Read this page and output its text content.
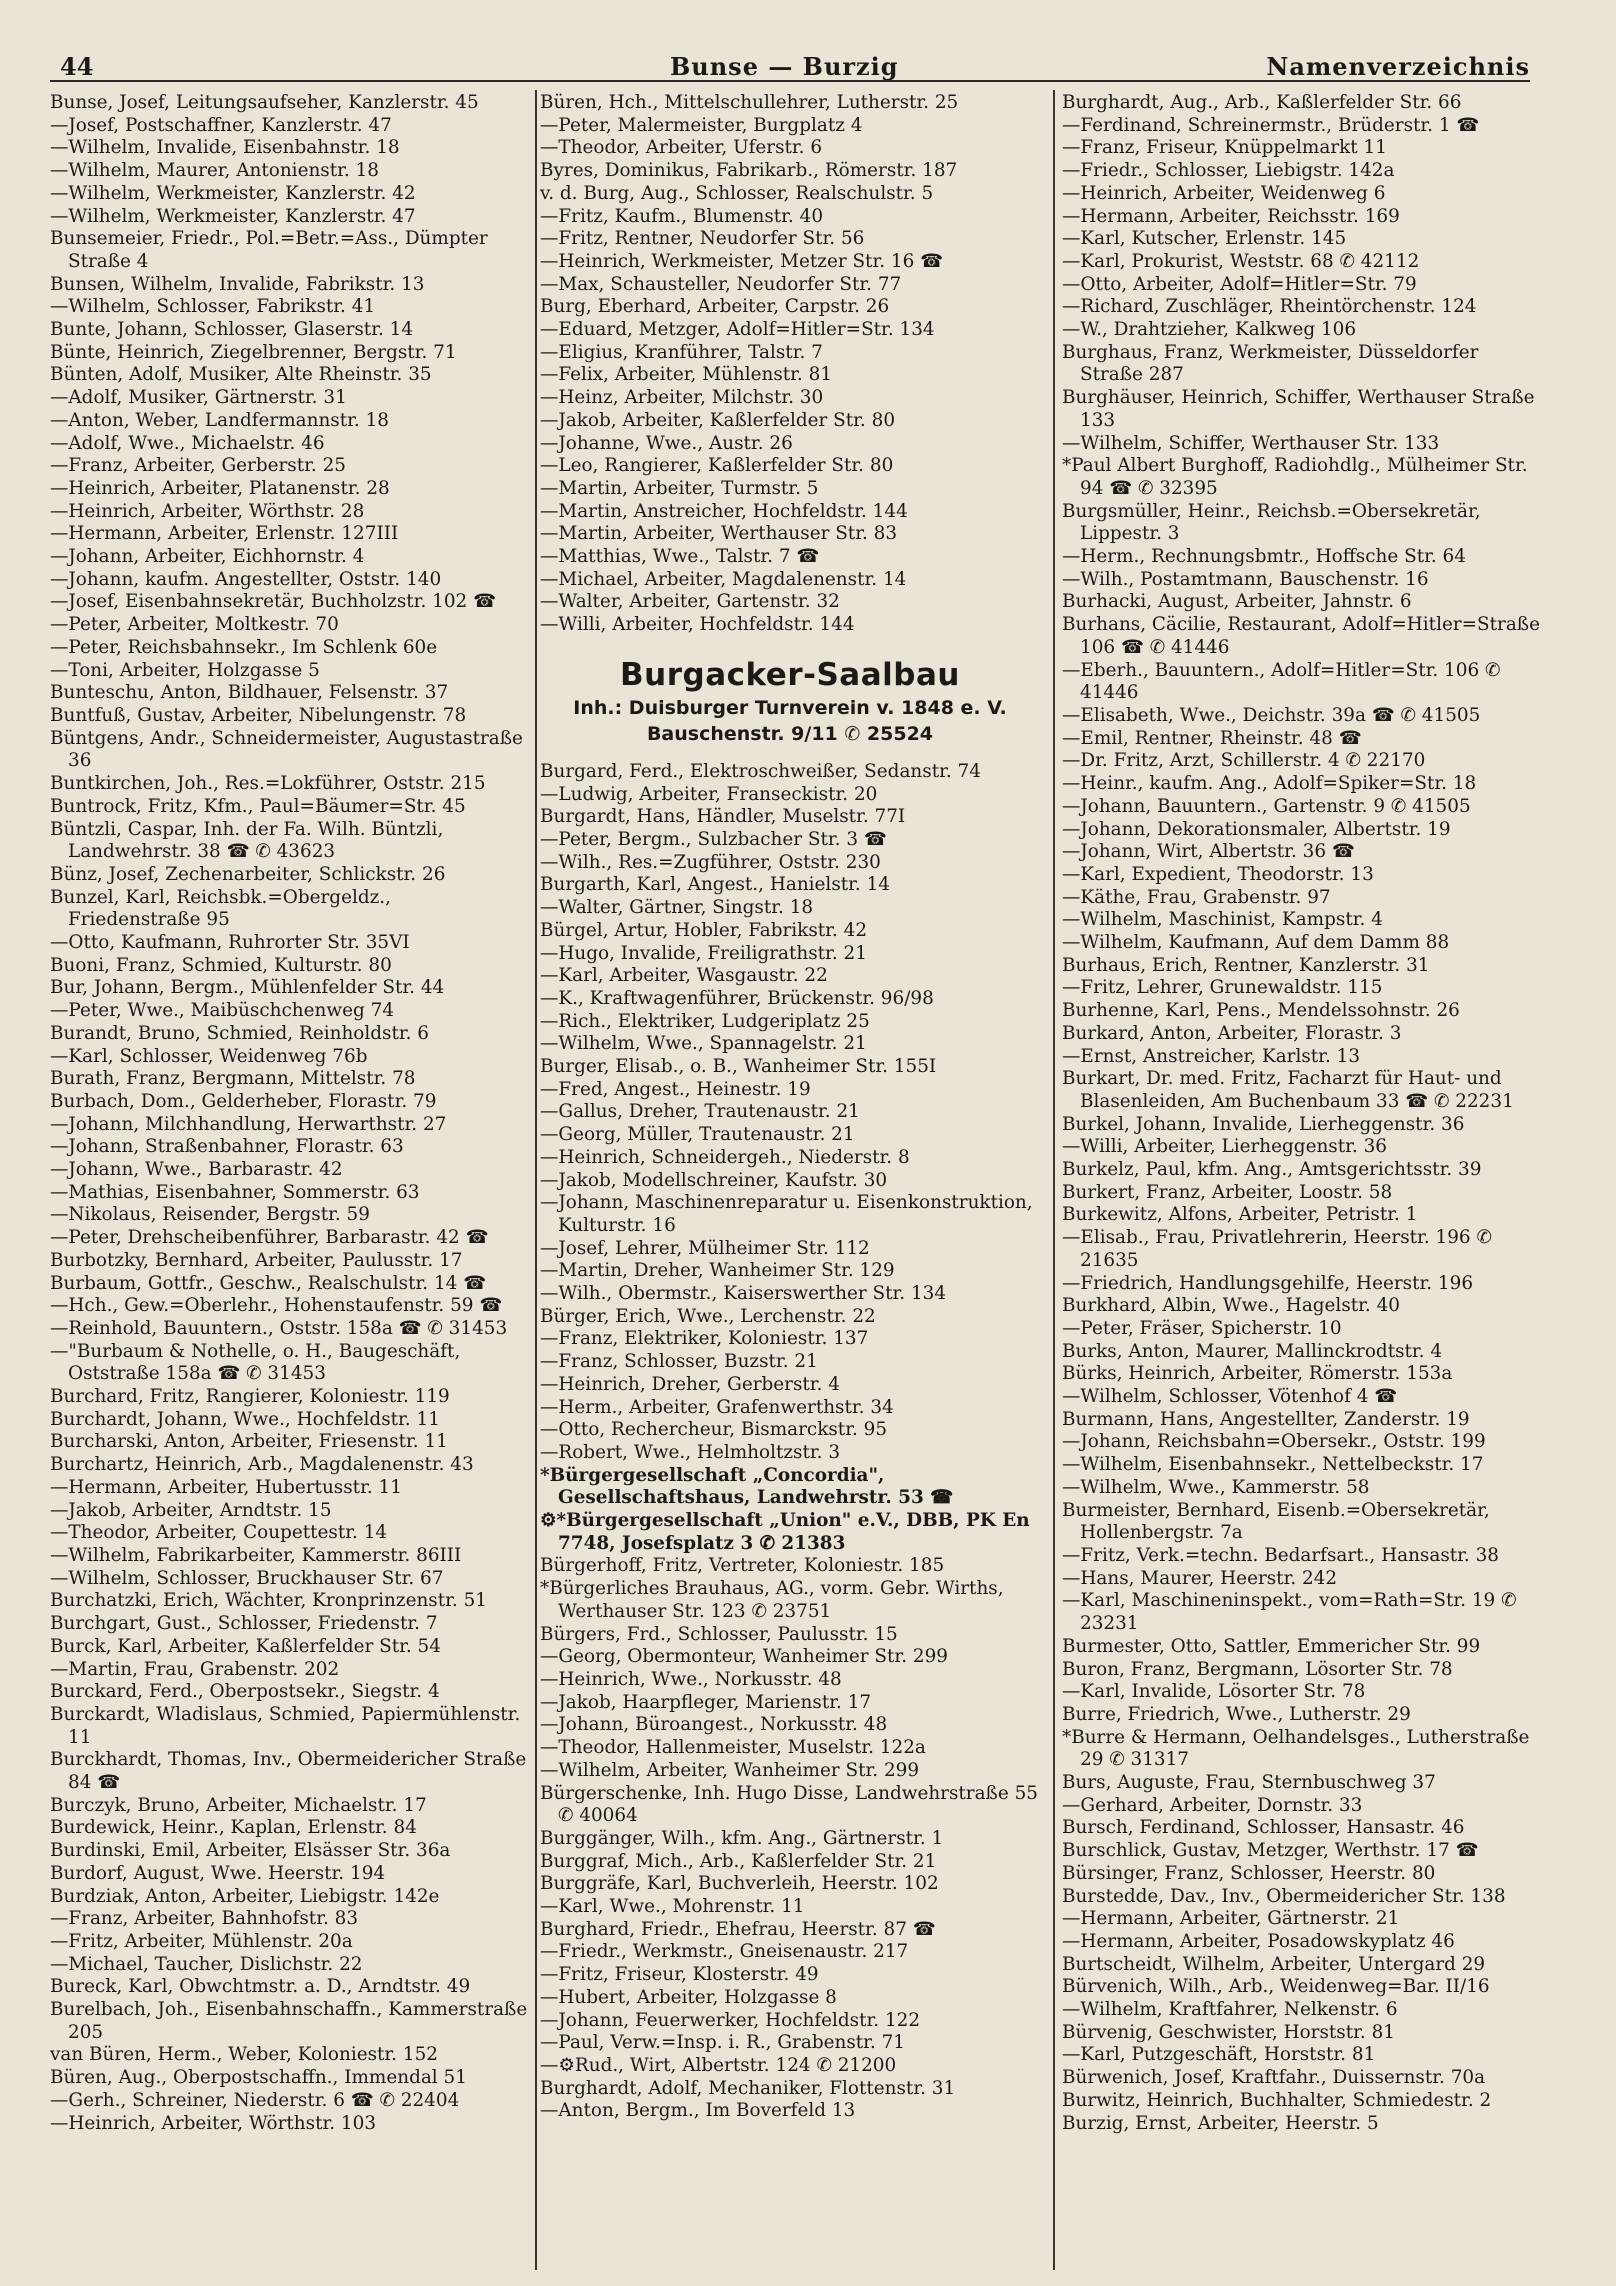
44	Bunse — Burzig	Namenverzeichnis
Bunse, Josef, Leitungsaufseher, Kanzlerstr. 45
—Josef, Postschaffner, Kanzlerstr. 47
—Wilhelm, Invalide, Eisenbahnstr. 18
—Wilhelm, Maurer, Antonienstr. 18
—Wilhelm, Werkmeister, Kanzlerstr. 42
—Wilhelm, Werkmeister, Kanzlerstr. 47
Bunsemeier, Friedr., Pol.=Betr.=Ass., Dümpter Straße 4
Bunsen, Wilhelm, Invalide, Fabrikstr. 13
—Wilhelm, Schlosser, Fabrikstr. 41
Bunte, Johann, Schlosser, Glaserstr. 14
Bünte, Heinrich, Ziegelbrenner, Bergstr. 71
Bünten, Adolf, Musiker, Alte Rheinstr. 35
—Adolf, Musiker, Gärtnerstr. 31
—Anton, Weber, Landfermannstr. 18
—Adolf, Wwe., Michaelstr. 46
—Franz, Arbeiter, Gerberstr. 25
—Heinrich, Arbeiter, Platanenstr. 28
—Heinrich, Arbeiter, Wörthstr. 28
—Hermann, Arbeiter, Erlenstr. 127III
—Johann, Arbeiter, Eichhornstr. 4
—Johann, kaufm. Angestellter, Oststr. 140
—Josef, Eisenbahnsekretär, Buchholzstr. 102 ☎
—Peter, Arbeiter, Moltkestr. 70
—Peter, Reichsbahnsekr., Im Schlenk 60e
—Toni, Arbeiter, Holzgasse 5
Bunteschu, Anton, Bildhauer, Felsenstr. 37
Buntfuß, Gustav, Arbeiter, Nibelungenstr. 78
Büntgens, Andr., Schneidermeister, Augustastraße 36
Buntkirchen, Joh., Res.=Lokführer, Oststr. 215
Buntrock, Fritz, Kfm., Paul=Bäumer=Str. 45
Büntzli, Caspar, Inh. der Fa. Wilh. Büntzli, Landwehrstr. 38 ☎ ✆ 43623
Bünz, Josef, Zechenarbeiter, Schlickstr. 26
Bunzel, Karl, Reichsbk.=Obergeldz., Friedenstraße 95
—Otto, Kaufmann, Ruhrorter Str. 35VI
Buoni, Franz, Schmied, Kulturstr. 80
Bur, Johann, Bergm., Mühlenfelder Str. 44
—Peter, Wwe., Maibüschchenweg 74
Burandt, Bruno, Schmied, Reinholdstr. 6
—Karl, Schlosser, Weidenweg 76b
Burath, Franz, Bergmann, Mittelstr. 78
Burbach, Dom., Gelderheber, Florastr. 79
—Johann, Milchhandlung, Herwarthstr. 27
—Johann, Straßenbahner, Florastr. 63
—Johann, Wwe., Barbarastr. 42
—Mathias, Eisenbahner, Sommerstr. 63
—Nikolaus, Reisender, Bergstr. 59
—Peter, Drehscheibenführer, Barbarastr. 42 ☎
Burbotzky, Bernhard, Arbeiter, Paulusstr. 17
Burbaum, Gottfr., Geschw., Realschulstr. 14 ☎
—Hch., Gew.=Oberlehr., Hohenstaufenstr. 59 ☎
—Reinhold, Bauuntern., Oststr. 158a ☎ ✆ 31453
—"Burbaum & Nothelle, o. H., Baugeschäft, Oststraße 158a ☎ ✆ 31453
Burchard, Fritz, Rangierer, Koloniestr. 119
Burchardt, Johann, Wwe., Hochfeldstr. 11
Burcharski, Anton, Arbeiter, Friesenstr. 11
Burchartz, Heinrich, Arb., Magdalenenstr. 43
—Hermann, Arbeiter, Hubertusstr. 11
—Jakob, Arbeiter, Arndtstr. 15
—Theodor, Arbeiter, Coupettestr. 14
—Wilhelm, Fabrikarbeiter, Kammerstr. 86III
—Wilhelm, Schlosser, Bruckhauser Str. 67
Burchatzki, Erich, Wächter, Kronprinzenstr. 51
Burchgart, Gust., Schlosser, Friedenstr. 7
Burck, Karl, Arbeiter, Kaßlerfelder Str. 54
—Martin, Frau, Grabenstr. 202
Burckard, Ferd., Oberpostsekr., Siegstr. 4
Burckardt, Wladislaus, Schmied, Papiermühlenstr. 11
Burckhardt, Thomas, Inv., Obermeidericher Straße 84 ☎
Burczyk, Bruno, Arbeiter, Michaelstr. 17
Burdewick, Heinr., Kaplan, Erlenstr. 84
Burdinski, Emil, Arbeiter, Elsässer Str. 36a
Burdorf, August, Wwe. Heerstr. 194
Burdziak, Anton, Arbeiter, Liebigstr. 142e
—Franz, Arbeiter, Bahnhofstr. 83
—Fritz, Arbeiter, Mühlenstr. 20a
—Michael, Taucher, Dislichstr. 22
Bureck, Karl, Obwchtmstr. a. D., Arndtstr. 49
Burelbach, Joh., Eisenbahnschaffn., Kammerstraße 205
van Büren, Herm., Weber, Koloniestr. 152
Büren, Aug., Oberpostschaffn., Immendal 51
—Gerh., Schreiner, Niederstr. 6 ☎ ✆ 22404
—Heinrich, Arbeiter, Wörthstr. 103
Büren, Hch., Mittelschullehrer, Lutherstr. 25
—Peter, Malermeister, Burgplatz 4
—Theodor, Arbeiter, Uferstr. 6
Byres, Dominikus, Fabrikarb., Römerstr. 187
v. d. Burg, Aug., Schlosser, Realschulstr. 5
—Fritz, Kaufm., Blumenstr. 40
—Fritz, Rentner, Neudorfer Str. 56
—Heinrich, Werkmeister, Metzer Str. 16 ☎
—Max, Schausteller, Neudorfer Str. 77
Burg, Eberhard, Arbeiter, Carpstr. 26
—Eduard, Metzger, Adolf=Hitler=Str. 134
—Eligius, Kranführer, Talstr. 7
—Felix, Arbeiter, Mühlenstr. 81
—Heinz, Arbeiter, Milchstr. 30
—Jakob, Arbeiter, Kaßlerfelder Str. 80
—Johanne, Wwe., Austr. 26
—Leo, Rangierer, Kaßlerfelder Str. 80
—Martin, Arbeiter, Turmstr. 5
—Martin, Anstreicher, Hochfeldstr. 144
—Martin, Arbeiter, Werthauser Str. 83
—Matthias, Wwe., Talstr. 7 ☎
—Michael, Arbeiter, Magdalenenstr. 14
—Walter, Arbeiter, Gartenstr. 32
—Willi, Arbeiter, Hochfeldstr. 144
Burgacker-Saalbau
Inh.: Duisburger Turnverein v. 1848 e. V.
Bauschenstr. 9/11 ✆ 25524
Burgard, Ferd., Elektroschweißer, Sedanstr. 74
—Ludwig, Arbeiter, Franseckistr. 20
Burgardt, Hans, Händler, Muselstr. 77I
—Peter, Bergm., Sulzbacher Str. 3 ☎
—Wilh., Res.=Zugführer, Oststr. 230
Burgarth, Karl, Angest., Hanielstr. 14
—Walter, Gärtner, Singstr. 18
Bürgel, Artur, Hobler, Fabrikstr. 42
—Hugo, Invalide, Freiligrathstr. 21
—Karl, Arbeiter, Wasgaustr. 22
—K., Kraftwagenführer, Brückenstr. 96/98
—Rich., Elektriker, Ludgeriplatz 25
—Wilhelm, Wwe., Spannagelstr. 21
Burger, Elisab., o. B., Wanheimer Str. 155I
—Fred, Angest., Heinestr. 19
—Gallus, Dreher, Trautenaustr. 21
—Georg, Müller, Trautenaustr. 21
—Heinrich, Schneidergeh., Niederstr. 8
—Jakob, Modellschreiner, Kaufstr. 30
—Johann, Maschinenreparatur u. Eisenkonstruktion, Kulturstr. 16
—Josef, Lehrer, Mülheimer Str. 112
—Martin, Dreher, Wanheimer Str. 129
—Wilh., Obermstr., Kaiserswerther Str. 134
Bürger, Erich, Wwe., Lerchenstr. 22
—Franz, Elektriker, Koloniestr. 137
—Franz, Schlosser, Buzstr. 21
—Heinrich, Dreher, Gerberstr. 4
—Herm., Arbeiter, Grafenwerthstr. 34
—Otto, Rechercheur, Bismarckstr. 95
—Robert, Wwe., Helmholtzstr. 3
*Bürgergesellschaft „Concordia", Gesellschaftshaus, Landwehrstr. 53 ☎
⚙*Bürgergesellschaft „Union" e.V., DBB, PK En 7748, Josefsplatz 3 ✆ 21383
Bürgerhoff, Fritz, Vertreter, Koloniestr. 185
*Bürgerliches Brauhaus, AG., vorm. Gebr. Wirths, Werthauser Str. 123 ✆ 23751
Bürgers, Frd., Schlosser, Paulusstr. 15
—Georg, Obermonteur, Wanheimer Str. 299
—Heinrich, Wwe., Norkusstr. 48
—Jakob, Haarpfleger, Marienstr. 17
—Johann, Büroangest., Norkusstr. 48
—Theodor, Hallenmeister, Muselstr. 122a
—Wilhelm, Arbeiter, Wanheimer Str. 299
Bürgerschenke, Inh. Hugo Disse, Landwehrstraße 55 ✆ 40064
Burggänger, Wilh., kfm. Ang., Gärtnerstr. 1
Burggraf, Mich., Arb., Kaßlerfelder Str. 21
Burggräfe, Karl, Buchverleih, Heerstr. 102
—Karl, Wwe., Mohrenstr. 11
Burghard, Friedr., Ehefrau, Heerstr. 87 ☎
—Friedr., Werkmstr., Gneisenaustr. 217
—Fritz, Friseur, Klosterstr. 49
—Hubert, Arbeiter, Holzgasse 8
—Johann, Feuerwerker, Hochfeldstr. 122
—Paul, Verw.=Insp. i. R., Grabenstr. 71
—⚙Rud., Wirt, Albertstr. 124 ✆ 21200
Burghardt, Adolf, Mechaniker, Flottenstr. 31
—Anton, Bergm., Im Boverfeld 13
Burghardt, Aug., Arb., Kaßlerfelder Str. 66
—Ferdinand, Schreinermstr., Brüderstr. 1 ☎
—Franz, Friseur, Knüppelmarkt 11
—Friedr., Schlosser, Liebigstr. 142a
—Heinrich, Arbeiter, Weidenweg 6
—Hermann, Arbeiter, Reichsstr. 169
—Karl, Kutscher, Erlenstr. 145
—Karl, Prokurist, Weststr. 68 ✆ 42112
—Otto, Arbeiter, Adolf=Hitler=Str. 79
—Richard, Zuschläger, Rheintörchenstr. 124
—W., Drahtzieher, Kalkweg 106
Burghaus, Franz, Werkmeister, Düsseldorfer Straße 287
Burghäuser, Heinrich, Schiffer, Werthauser Straße 133
—Wilhelm, Schiffer, Werthauser Str. 133
*Paul Albert Burghoff, Radiohdlg., Mülheimer Str. 94 ☎ ✆ 32395
Burgsmüller, Heinr., Reichsb.=Obersekretär, Lippestr. 3
—Herm., Rechnungsbmtr., Hoffsche Str. 64
—Wilh., Postamtmann, Bauschenstr. 16
Burhacki, August, Arbeiter, Jahnstr. 6
Burhans, Cäcilie, Restaurant, Adolf=Hitler=Straße 106 ☎ ✆ 41446
—Eberh., Bauuntern., Adolf=Hitler=Str. 106 ✆ 41446
—Elisabeth, Wwe., Deichstr. 39a ☎ ✆ 41505
—Emil, Rentner, Rheinstr. 48 ☎
—Dr. Fritz, Arzt, Schillerstr. 4 ✆ 22170
—Heinr., kaufm. Ang., Adolf=Spiker=Str. 18
—Johann, Bauuntern., Gartenstr. 9 ✆ 41505
—Johann, Dekorationsmaler, Albertstr. 19
—Johann, Wirt, Albertstr. 36 ☎
—Karl, Expedient, Theodorstr. 13
—Käthe, Frau, Grabenstr. 97
—Wilhelm, Maschinist, Kampstr. 4
—Wilhelm, Kaufmann, Auf dem Damm 88
Burhaus, Erich, Rentner, Kanzlerstr. 31
—Fritz, Lehrer, Grunewaldstr. 115
Burhenne, Karl, Pens., Mendelssohnstr. 26
Burkard, Anton, Arbeiter, Florastr. 3
—Ernst, Anstreicher, Karlstr. 13
Burkart, Dr. med. Fritz, Facharzt für Haut- und Blasenleiden, Am Buchenbaum 33 ☎ ✆ 22231
Burkel, Johann, Invalide, Lierheggenstr. 36
—Willi, Arbeiter, Lierheggenstr. 36
Burkelz, Paul, kfm. Ang., Amtsgerichtsstr. 39
Burkert, Franz, Arbeiter, Loostr. 58
Burkewitz, Alfons, Arbeiter, Petristr. 1
—Elisab., Frau, Privatlehrerin, Heerstr. 196 ✆ 21635
—Friedrich, Handlungsgehilfe, Heerstr. 196
Burkhard, Albin, Wwe., Hagelstr. 40
—Peter, Fräser, Spicherstr. 10
Burks, Anton, Maurer, Mallinckrodtstr. 4
Bürks, Heinrich, Arbeiter, Römerstr. 153a
—Wilhelm, Schlosser, Vötenhof 4 ☎
Burmann, Hans, Angestellter, Zanderstr. 19
—Johann, Reichsbahn=Obersekr., Oststr. 199
—Wilhelm, Eisenbahnsekr., Nettelbeckstr. 17
—Wilhelm, Wwe., Kammerstr. 58
Burmeister, Bernhard, Eisenb.=Obersekretär, Hollenbergstr. 7a
—Fritz, Verk.=techn. Bedarfsart., Hansastr. 38
—Hans, Maurer, Heerstr. 242
—Karl, Maschineninspekt., vom=Rath=Str. 19 ✆ 23231
Burmester, Otto, Sattler, Emmericher Str. 99
Buron, Franz, Bergmann, Lösorter Str. 78
—Karl, Invalide, Lösorter Str. 78
Burre, Friedrich, Wwe., Lutherstr. 29
*Burre & Hermann, Oelhandelsges., Lutherstraße 29 ✆ 31317
Burs, Auguste, Frau, Sternbuschweg 37
—Gerhard, Arbeiter, Dornstr. 33
Bursch, Ferdinand, Schlosser, Hansastr. 46
Burschlick, Gustav, Metzger, Werthstr. 17 ☎
Bürsinger, Franz, Schlosser, Heerstr. 80
Burstedde, Dav., Inv., Obermeidericher Str. 138
—Hermann, Arbeiter, Gärtnerstr. 21
—Hermann, Arbeiter, Posadowskyplatz 46
Burtscheidt, Wilhelm, Arbeiter, Untergard 29
Bürvenich, Wilh., Arb., Weidenweg=Bar. II/16
—Wilhelm, Kraftfahrer, Nelkenstr. 6
Bürvenig, Geschwister, Horststr. 81
—Karl, Putzgeschäft, Horststr. 81
Bürwenich, Josef, Kraftfahr., Duissernstr. 70a
Burwitz, Heinrich, Buchhalter, Schmiedestr. 2
Burzig, Ernst, Arbeiter, Heerstr. 5
